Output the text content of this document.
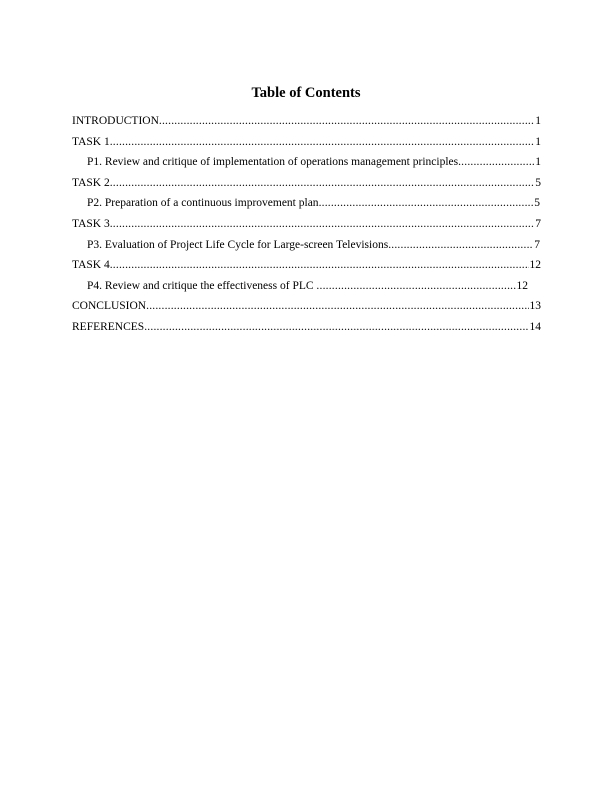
Table of Contents
INTRODUCTION .....	1
TASK 1 .....	1
P1. Review and critique of implementation of operations management principles .....	1
TASK 2 .....	5
P2. Preparation of a continuous improvement plan .....	5
TASK 3 .....	7
P3. Evaluation of Project Life Cycle for Large-screen Televisions .....	7
TASK 4 .....	12
P4. Review and critique the effectiveness of PLC .....	12
CONCLUSION .....	13
REFERENCES .....	14
